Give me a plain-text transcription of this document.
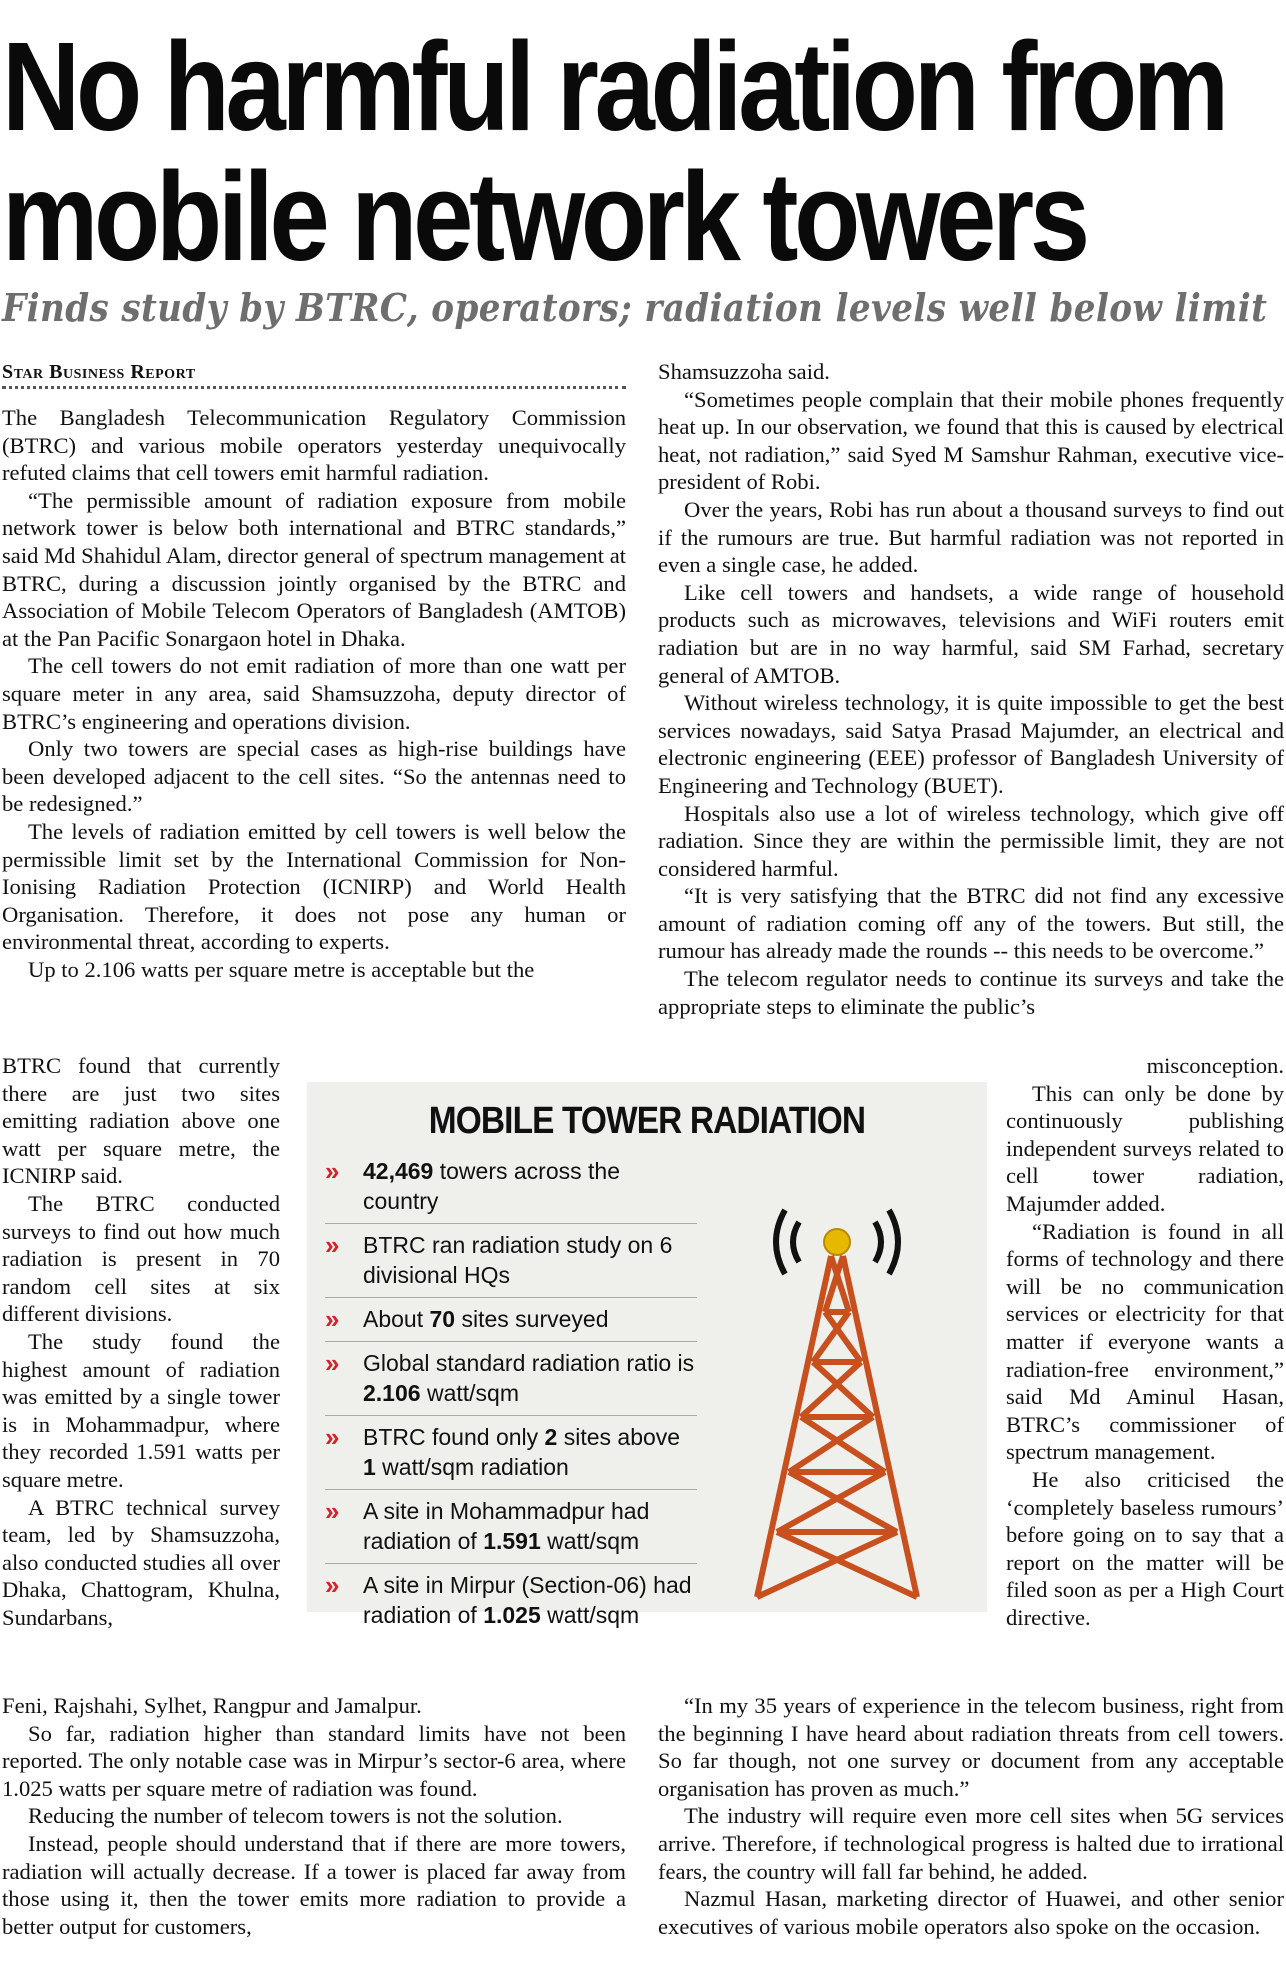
No harmful radiation from
mobile network towers
Finds study by BTRC, operators; radiation levels well below limit
Star Business Report

The Bangladesh Telecommunication Regulatory Commission (BTRC) and various mobile operators yesterday unequivocally refuted claims that cell towers emit harmful radiation.

“The permissible amount of radiation exposure from mobile network tower is below both international and BTRC standards,” said Md Shahidul Alam, director general of spectrum management at BTRC, during a discussion jointly organised by the BTRC and Association of Mobile Telecom Operators of Bangladesh (AMTOB) at the Pan Pacific Sonargaon hotel in Dhaka.

The cell towers do not emit radiation of more than one watt per square meter in any area, said Shamsuzzoha, deputy director of BTRC’s engineering and operations division.

Only two towers are special cases as high-rise buildings have been developed adjacent to the cell sites. “So the antennas need to be redesigned.”

The levels of radiation emitted by cell towers is well below the permissible limit set by the International Commission for Non-Ionising Radiation Protection (ICNIRP) and World Health Organisation. Therefore, it does not pose any human or environmental threat, according to experts.

Up to 2.106 watts per square metre is acceptable but the

BTRC found that currently there are just two sites emitting radiation above one watt per square metre, the ICNIRP said.

The BTRC conducted surveys to find out how much radiation is present in 70 random cell sites at six different divisions.

The study found the highest amount of radiation was emitted by a single tower is in Mohammadpur, where they recorded 1.591 watts per square metre.

A BTRC technical survey team, led by Shamsuzzoha, also conducted studies all over Dhaka, Chattogram, Khulna, Sundarbans,

Feni, Rajshahi, Sylhet, Rangpur and Jamalpur.

So far, radiation higher than standard limits have not been reported. The only notable case was in Mirpur’s sector-6 area, where 1.025 watts per square metre of radiation was found.

Reducing the number of telecom towers is not the solution.

Instead, people should understand that if there are more towers, radiation will actually decrease. If a tower is placed far away from those using it, then the tower emits more radiation to provide a better output for customers,

Shamsuzzoha said.

“Sometimes people complain that their mobile phones frequently heat up. In our observation, we found that this is caused by electrical heat, not radiation,” said Syed M Samshur Rahman, executive vice-president of Robi.

Over the years, Robi has run about a thousand surveys to find out if the rumours are true. But harmful radiation was not reported in even a single case, he added.

Like cell towers and handsets, a wide range of household products such as microwaves, televisions and WiFi routers emit radiation but are in no way harmful, said SM Farhad, secretary general of AMTOB.

Without wireless technology, it is quite impossible to get the best services nowadays, said Satya Prasad Majumder, an electrical and electronic engineering (EEE) professor of Bangladesh University of Engineering and Technology (BUET).

Hospitals also use a lot of wireless technology, which give off radiation. Since they are within the permissible limit, they are not considered harmful.

“It is very satisfying that the BTRC did not find any excessive amount of radiation coming off any of the towers. But still, the rumour has already made the rounds -- this needs to be overcome.”

The telecom regulator needs to continue its surveys and take the appropriate steps to eliminate the public’s

misconception.

This can only be done by continuously publishing independent surveys related to cell tower radiation, Majumder added.

“Radiation is found in all forms of technology and there will be no communication services or electricity for that matter if everyone wants a radiation-free environment,” said Md Aminul Hasan, BTRC’s commissioner of spectrum management.

He also criticised the ‘completely baseless rumours’ before going on to say that a report on the matter will be filed soon as per a High Court directive.

“In my 35 years of experience in the telecom business, right from the beginning I have heard about radiation threats from cell towers. So far though, not one survey or document from any acceptable organisation has proven as much.”

The industry will require even more cell sites when 5G services arrive. Therefore, if technological progress is halted due to irrational fears, the country will fall far behind, he added.

Nazmul Hasan, marketing director of Huawei, and other senior executives of various mobile operators also spoke on the occasion.

MOBILE TOWER RADIATION
» 42,469 towers across the country
» BTRC ran radiation study on 6 divisional HQs
» About 70 sites surveyed
» Global standard radiation ratio is 2.106 watt/sqm
» BTRC found only 2 sites above 1 watt/sqm radiation
» A site in Mohammadpur had radiation of 1.591 watt/sqm
» A site in Mirpur (Section-06) had radiation of 1.025 watt/sqm
